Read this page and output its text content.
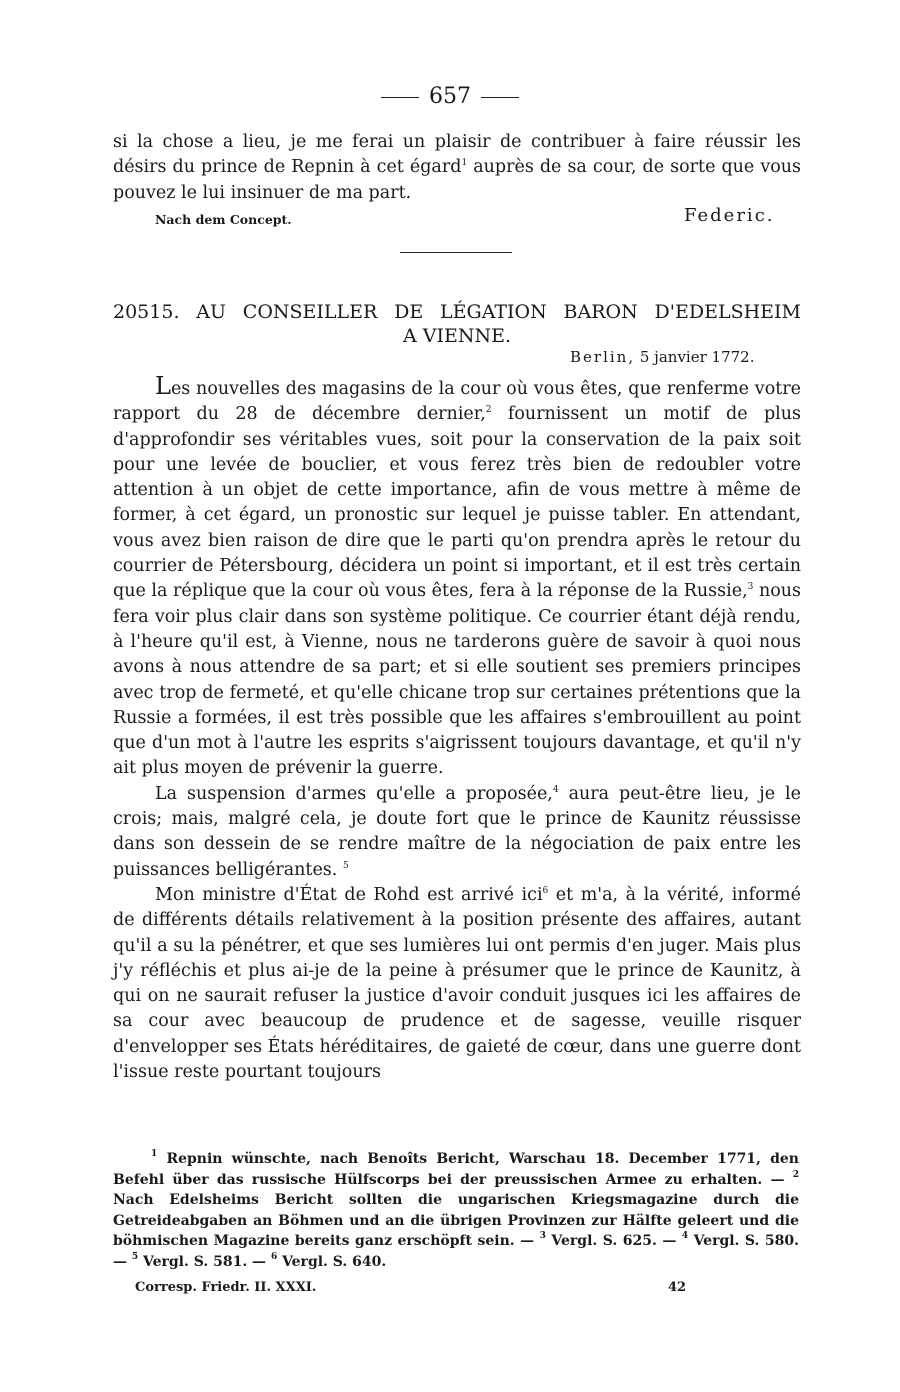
657

si la chose a lieu, je me ferai un plaisir de contribuer à faire réussir les désirs du prince de Repnin à cet égard$^1$ auprès de sa cour, de sorte que vous pouvez le lui insinuer de ma part.

Nach dem Concept.	Federic.
20515. AU CONSEILLER DE LÉGATION BARON D'EDELSHEIM
A VIENNE.
Berlin, 5 janvier 1772.

Les nouvelles des magasins de la cour où vous êtes, que renferme votre rapport du 28 de décembre dernier,$^2$ fournissent un motif de plus d'approfondir ses véritables vues, soit pour la conservation de la paix soit pour une levée de bouclier, et vous ferez très bien de redoubler votre attention à un objet de cette importance, afin de vous mettre à même de former, à cet égard, un pronostic sur lequel je puisse tabler. En attendant, vous avez bien raison de dire que le parti qu'on prendra après le retour du courrier de Pétersbourg, décidera un point si important, et il est très certain que la réplique que la cour où vous êtes, fera à la réponse de la Russie,$^3$ nous fera voir plus clair dans son système politique. Ce courrier étant déjà rendu, à l'heure qu'il est, à Vienne, nous ne tarderons guère de savoir à quoi nous avons à nous attendre de sa part; et si elle soutient ses premiers principes avec trop de fermeté, et qu'elle chicane trop sur certaines prétentions que la Russie a formées, il est très possible que les affaires s'embrouillent au point que d'un mot à l'autre les esprits s'aigrissent toujours davantage, et qu'il n'y ait plus moyen de prévenir la guerre.

La suspension d'armes qu'elle a proposée,$^4$ aura peut-être lieu, je le crois; mais, malgré cela, je doute fort que le prince de Kaunitz réussisse dans son dessein de se rendre maître de la négociation de paix entre les puissances belligérantes. $^5$

Mon ministre d'État de Rohd est arrivé ici$^6$ et m'a, à la vérité, informé de différents détails relativement à la position présente des affaires, autant qu'il a su la pénétrer, et que ses lumières lui ont permis d'en juger. Mais plus j'y réfléchis et plus ai-je de la peine à présumer que le prince de Kaunitz, à qui on ne saurait refuser la justice d'avoir conduit jusques ici les affaires de sa cour avec beaucoup de prudence et de sagesse, veuille risquer d'envelopper ses États héréditaires, de gaieté de cœur, dans une guerre dont l'issue reste pourtant toujours

$^1$ Repnin wünschte, nach Benoîts Bericht, Warschau 18. December 1771, den Befehl über das russische Hülfscorps bei der preussischen Armee zu erhalten. — $^2$ Nach Edelsheims Bericht sollten die ungarischen Kriegsmagazine durch die Getreideabgaben an Böhmen und an die übrigen Provinzen zur Hälfte geleert und die böhmischen Magazine bereits ganz erschöpft sein. — $^3$ Vergl. S. 625. — $^4$ Vergl. S. 580. — $^5$ Vergl. S. 581. — $^6$ Vergl. S. 640.

Corresp. Friedr. II. XXXI.	42
